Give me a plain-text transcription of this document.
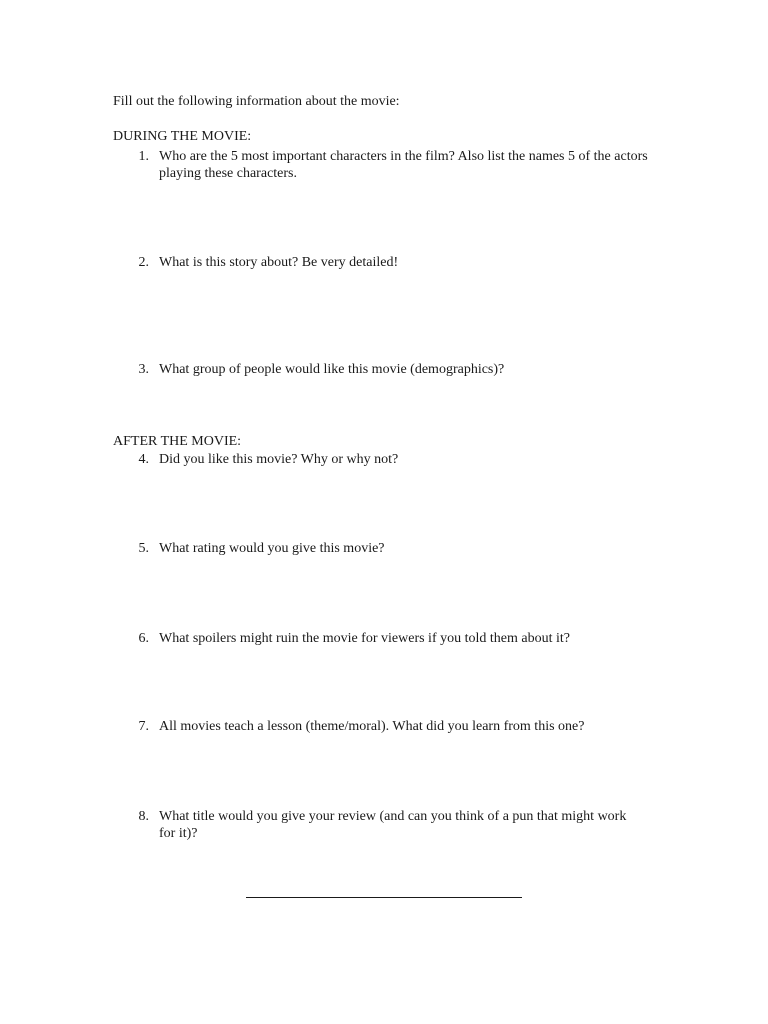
Fill out the following information about the movie:
DURING THE MOVIE:
1. Who are the 5 most important characters in the film? Also list the names 5 of the actors playing these characters.
2. What is this story about? Be very detailed!
3. What group of people would like this movie (demographics)?
AFTER THE MOVIE:
4. Did you like this movie? Why or why not?
5. What rating would you give this movie?
6. What spoilers might ruin the movie for viewers if you told them about it?
7. All movies teach a lesson (theme/moral). What did you learn from this one?
8. What title would you give your review (and can you think of a pun that might work for it)?
